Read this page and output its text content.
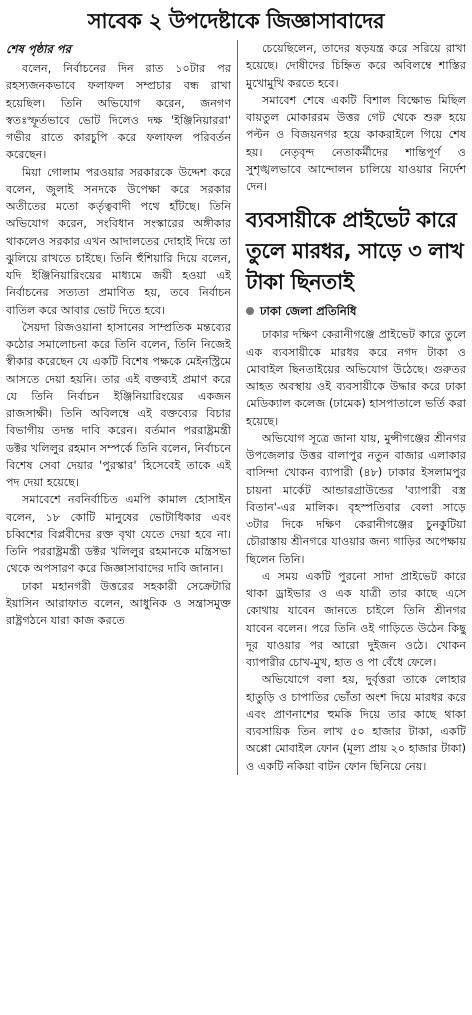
সাবেক ২ উপদেষ্টাকে জিজ্ঞাসাবাদের
শেষ পৃষ্ঠার পর

বলেন, নির্বাচনের দিন রাত ১০টার পর রহস্যজনকভাবে ফলাফল সম্প্রচার বন্ধ রাখা হয়েছিল। তিনি অভিযোগ করেন, জনগণ স্বতঃস্ফূর্তভাবে ভোট দিলেও দক্ষ 'ইঞ্জিনিয়াররা' গভীর রাতে কারচুপি করে ফলাফল পরিবর্তন করেছেন।

মিয়া গোলাম পরওয়ার সরকারকে উদ্দেশ করে বলেন, জুলাই সনদকে উপেক্ষা করে সরকার অতীতের মতো কর্তৃত্ববাদী পথে হাঁটছে। তিনি অভিযোগ করেন, সংবিধান সংস্কারের অঙ্গীকার থাকলেও সরকার এখন আদালতের দোহাই দিয়ে তা ঝুলিয়ে রাখতে চাইছে। তিনি হুঁশিয়ারি দিয়ে বলেন, যদি ইঞ্জিনিয়ারিংয়ের মাধ্যমে জয়ী হওয়া এই নির্বাচনের সত্যতা প্রমাণিত হয়, তবে নির্বাচন বাতিল করে আবার ভোট দিতে হবে।

সৈয়দা রিজওয়ানা হাসানের সাম্প্রতিক মন্তব্যের কঠোর সমালোচনা করে তিনি বলেন, তিনি নিজেই স্বীকার করেছেন যে একটি বিশেষ পক্ষকে মেইনস্ট্রিমে আসতে দেয়া হয়নি। তার এই বক্তব্যই প্রমাণ করে যে তিনি নির্বাচন ইঞ্জিনিয়ারিংয়ের একজন রাজসাক্ষী। তিনি অবিলম্বে এই বক্তব্যের বিচার বিভাগীয় তদন্ত দাবি করেন। বর্তমান পররাষ্ট্রমন্ত্রী ডক্টর খলিলুর রহমান সম্পর্কে তিনি বলেন, নির্বাচনে বিশেষ সেবা দেয়ার 'পুরস্কার' হিসেবেই তাকে এই পদ দেয়া হয়েছে।

সমাবেশে নবনির্বাচিত এমপি কামাল হোসাইন বলেন, ১৮ কোটি মানুষের ভোটাধিকার এবং চব্বিশের বিপ্লবীদের রক্ত বৃথা যেতে দেয়া হবে না। তিনি পররাষ্ট্রমন্ত্রী ডক্টর খলিলুর রহমানকে মন্ত্রিসভা থেকে অপসারণ করে জিজ্ঞাসাবাদের দাবি জানান।

ঢাকা মহানগরী উত্তরের সহকারী সেক্রেটারি ইয়াসিন আরাফাত বলেন, আধুনিক ও সন্ত্রাসমুক্ত রাষ্ট্রগঠনে যারা কাজ করতে

চেয়েছিলেন, তাদের ষড়যন্ত্র করে সরিয়ে রাখা হয়েছে। দোষীদের চিহ্নিত করে অবিলম্বে শাস্তির মুখোমুখি করতে হবে।

সমাবেশ শেষে একটি বিশাল বিক্ষোভ মিছিল বায়তুল মোকাররম উত্তর গেট থেকে শুরু হয়ে পল্টন ও বিজয়নগর হয়ে কাকরাইলে গিয়ে শেষ হয়। নেতৃবৃন্দ নেতাকর্মীদের শান্তিপূর্ণ ও সুশৃঙ্খলভাবে আন্দোলন চালিয়ে যাওয়ার নির্দেশ দেন।

ব্যবসায়ীকে প্রাইভেট কারে তুলে মারধর, সাড়ে ৩ লাখ টাকা ছিনতাই
ঢাকা জেলা প্রতিনিধি

ঢাকার দক্ষিণ কেরানীগঞ্জে প্রাইভেট কারে তুলে এক ব্যবসায়ীকে মারধর করে নগদ টাকা ও মোবাইল ছিনতাইয়ের অভিযোগ উঠেছে। গুরুতর আহত অবস্থায় ওই ব্যবসায়ীকে উদ্ধার করে ঢাকা মেডিক্যাল কলেজ (ঢামেক) হাসপাতালে ভর্তি করা হয়েছে।

অভিযোগ সূত্রে জানা যায়, মুন্সীগঞ্জের শ্রীনগর উপজেলার উত্তর বালাপুর নতুন বাজার এলাকার বাসিন্দা খোকন ব্যাপারী (৪৮) ঢাকার ইসলামপুর চায়না মার্কেট আন্ডারগ্রাউন্ডের 'ব্যাপারী বস্ত্র বিতান'-এর মালিক। বৃহস্পতিবার বেলা সাড়ে ৩টার দিকে দক্ষিণ কেরানীগঞ্জের চুনকুটিয়া চৌরাস্তায় শ্রীনগরে যাওয়ার জন্য গাড়ির অপেক্ষায় ছিলেন তিনি।

এ সময় একটি পুরনো সাদা প্রাইভেট কারে থাকা ড্রাইভার ও এক যাত্রী তার কাছে এসে কোথায় যাবেন জানতে চাইলে তিনি শ্রীনগর যাবেন বলেন। পরে তিনি ওই গাড়িতে উঠেন কিছু দূর যাওয়ার পর আরো দুইজন ওঠে। খোকন ব্যাপারীর চোখ-মুখ, হাত ও পা বেঁধে ফেলে।

অভিযোগে বলা হয়, দুর্বৃত্তরা তাকে লোহার হাতুড়ি ও চাপাতির ভোঁতা অংশ দিয়ে মারধর করে এবং প্রাণনাশের হুমকি দিয়ে তার কাছে থাকা ব্যবসায়িক তিন লাখ ৫০ হাজার টাকা, একটি অপ্পো মোবাইল ফোন (মূল্য প্রায় ২০ হাজার টাকা) ও একটি নকিয়া বাটন ফোন ছিনিয়ে নেয়।
